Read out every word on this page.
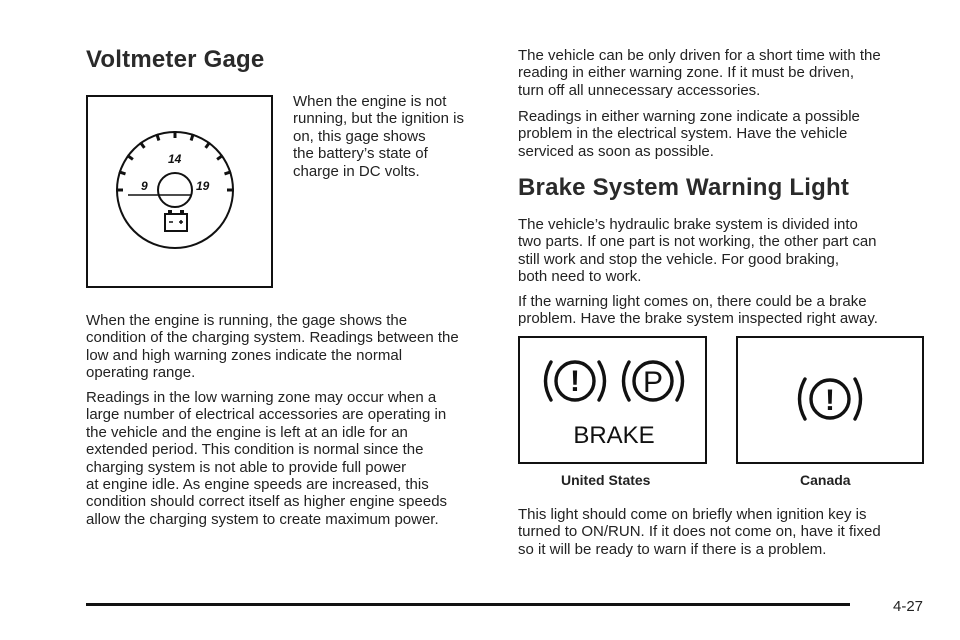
Voltmeter Gage
14
9	19
When the engine is not
running, but the ignition is
on, this gage shows
the battery’s state of
charge in DC volts.
When the engine is running, the gage shows the
condition of the charging system. Readings between the
low and high warning zones indicate the normal
operating range.
Readings in the low warning zone may occur when a
large number of electrical accessories are operating in
the vehicle and the engine is left at an idle for an
extended period. This condition is normal since the
charging system is not able to provide full power
at engine idle. As engine speeds are increased, this
condition should correct itself as higher engine speeds
allow the charging system to create maximum power.
The vehicle can be only driven for a short time with the
reading in either warning zone. If it must be driven,
turn off all unnecessary accessories.
Readings in either warning zone indicate a possible
problem in the electrical system. Have the vehicle
serviced as soon as possible.
Brake System Warning Light
The vehicle’s hydraulic brake system is divided into
two parts. If one part is not working, the other part can
still work and stop the vehicle. For good braking,
both need to work.
If the warning light comes on, there could be a brake
problem. Have the brake system inspected right away.
! P
BRAKE
United States
!
Canada
This light should come on briefly when ignition key is
turned to ON/RUN. If it does not come on, have it fixed
so it will be ready to warn if there is a problem.
4-27
